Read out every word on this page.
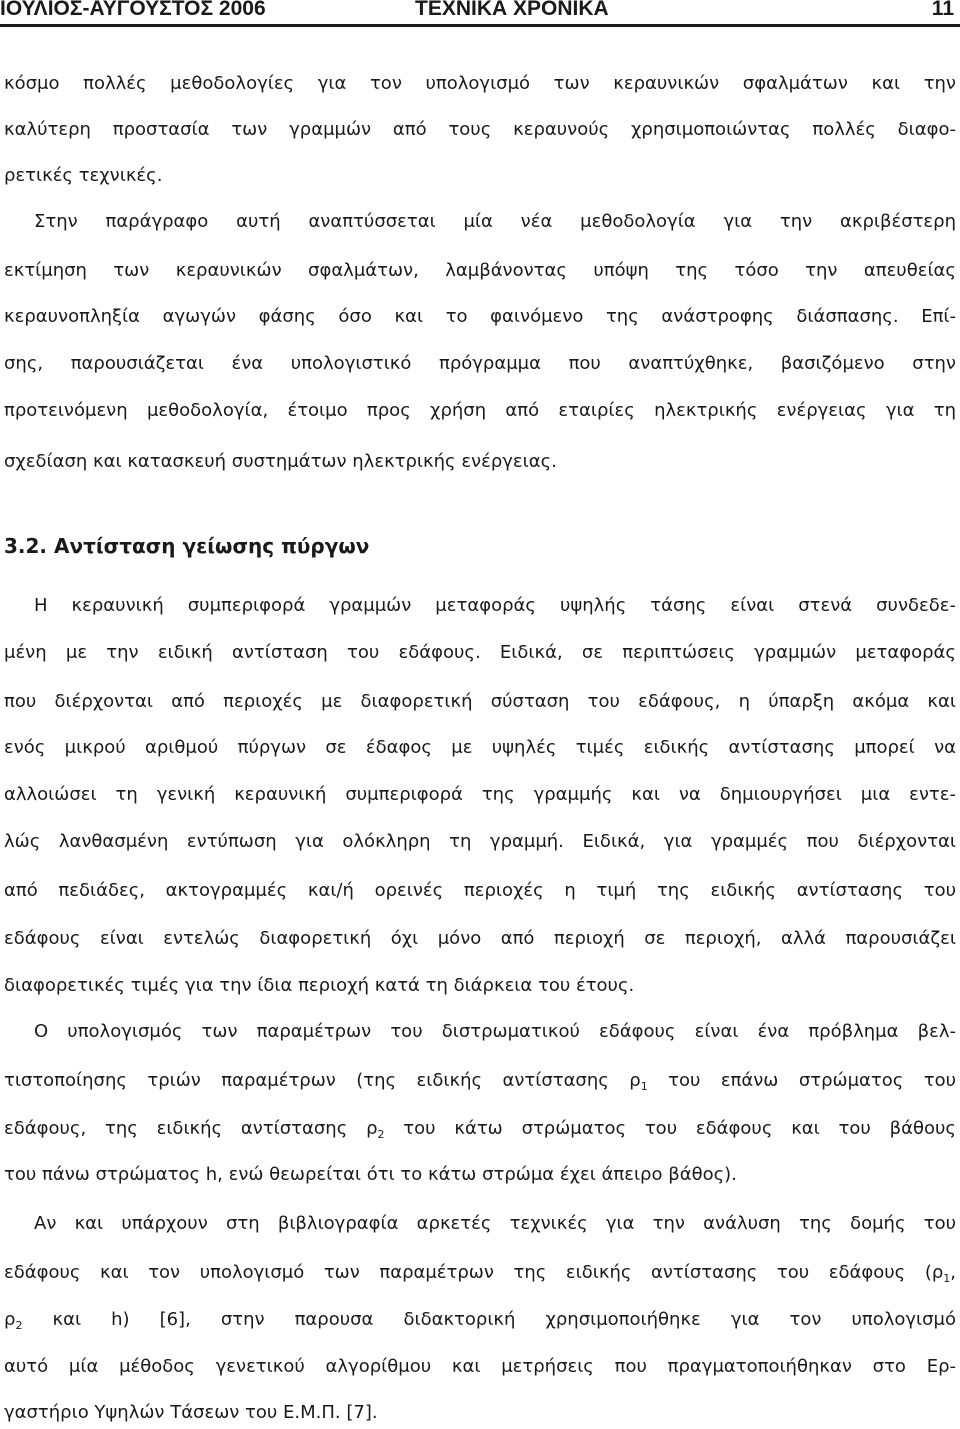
ΙΟΥΛΙΟΣ-ΑΥΓΟΥΣΤΟΣ 2006	ΤΕΧΝΙΚΑ ΧΡΟΝΙΚΑ	11
κόσμο πολλές μεθοδολογίες για τον υπολογισμό των κεραυνικών σφαλμάτων και την
καλύτερη προστασία των γραμμών από τους κεραυνούς χρησιμοποιώντας πολλές διαφο-
ρετικές τεχνικές.
Στην παράγραφο αυτή αναπτύσσεται μία νέα μεθοδολογία για την ακριβέστερη
εκτίμηση των κεραυνικών σφαλμάτων, λαμβάνοντας υπόψη της τόσο την απευθείας
κεραυνοπληξία αγωγών φάσης όσο και το φαινόμενο της ανάστροφης διάσπασης. Επί-
σης, παρουσιάζεται ένα υπολογιστικό πρόγραμμα που αναπτύχθηκε, βασιζόμενο στην
προτεινόμενη μεθοδολογία, έτοιμο προς χρήση από εταιρίες ηλεκτρικής ενέργειας για τη
σχεδίαση και κατασκευή συστημάτων ηλεκτρικής ενέργειας.
3.2. Αντίσταση γείωσης πύργων
Η κεραυνική συμπεριφορά γραμμών μεταφοράς υψηλής τάσης είναι στενά συνδεδε-
μένη με την ειδική αντίσταση του εδάφους. Ειδικά, σε περιπτώσεις γραμμών μεταφοράς
που διέρχονται από περιοχές με διαφορετική σύσταση του εδάφους, η ύπαρξη ακόμα και
ενός μικρού αριθμού πύργων σε έδαφος με υψηλές τιμές ειδικής αντίστασης μπορεί να
αλλοιώσει τη γενική κεραυνική συμπεριφορά της γραμμής και να δημιουργήσει μια εντε-
λώς λανθασμένη εντύπωση για ολόκληρη τη γραμμή. Ειδικά, για γραμμές που διέρχονται
από πεδιάδες, ακτογραμμές και/ή ορεινές περιοχές η τιμή της ειδικής αντίστασης του
εδάφους είναι εντελώς διαφορετική όχι μόνο από περιοχή σε περιοχή, αλλά παρουσιάζει
διαφορετικές τιμές για την ίδια περιοχή κατά τη διάρκεια του έτους.
Ο υπολογισμός των παραμέτρων του διστρωματικού εδάφους είναι ένα πρόβλημα βελ-
τιστοποίησης τριών παραμέτρων (της ειδικής αντίστασης $\rho_1$ του επάνω στρώματος του
εδάφους, της ειδικής αντίστασης $\rho_2$ του κάτω στρώματος του εδάφους και του βάθους
του πάνω στρώματος h, ενώ θεωρείται ότι το κάτω στρώμα έχει άπειρο βάθος).
Αν και υπάρχουν στη βιβλιογραφία αρκετές τεχνικές για την ανάλυση της δομής του
εδάφους και τον υπολογισμό των παραμέτρων της ειδικής αντίστασης του εδάφους ($\rho_1$,
$\rho_2$ και h) [6], στην παρουσα διδακτορική χρησιμοποιήθηκε για τον υπολογισμό
αυτό μία μέθοδος γενετικού αλγορίθμου και μετρήσεις που πραγματοποιήθηκαν στο Ερ-
γαστήριο Υψηλών Τάσεων του Ε.Μ.Π. [7].
